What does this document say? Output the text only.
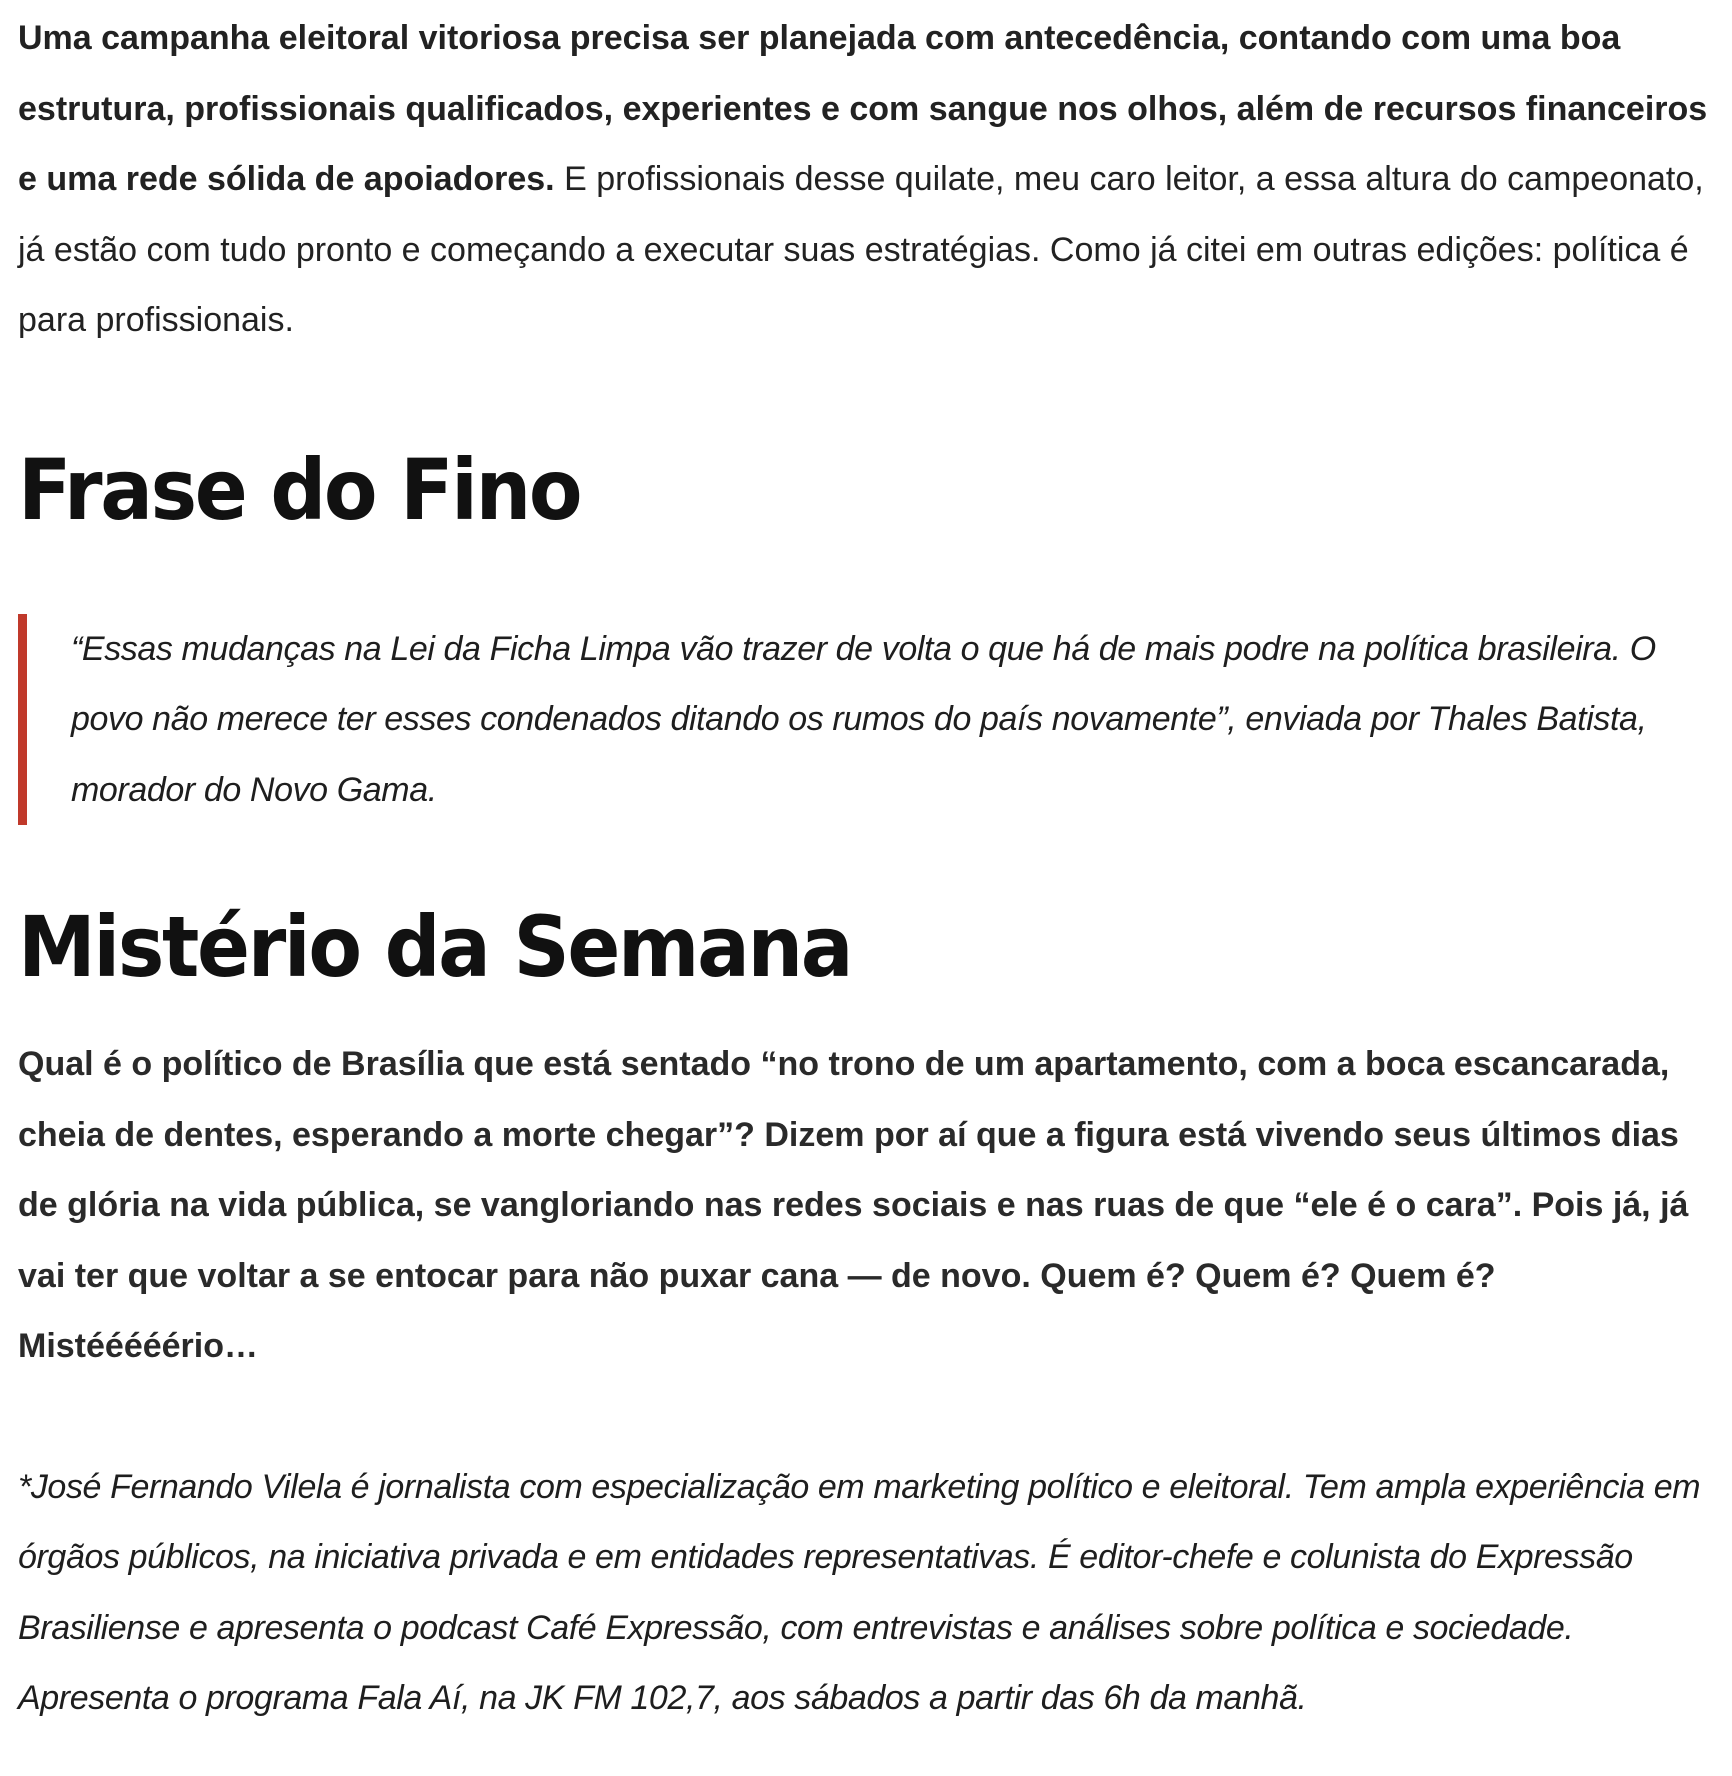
Uma campanha eleitoral vitoriosa precisa ser planejada com antecedência, contando com uma boa estrutura, profissionais qualificados, experientes e com sangue nos olhos, além de recursos financeiros e uma rede sólida de apoiadores. E profissionais desse quilate, meu caro leitor, a essa altura do campeonato, já estão com tudo pronto e começando a executar suas estratégias. Como já citei em outras edições: política é para profissionais.

Frase do Fino

“Essas mudanças na Lei da Ficha Limpa vão trazer de volta o que há de mais podre na política brasileira. O povo não merece ter esses condenados ditando os rumos do país novamente”, enviada por Thales Batista, morador do Novo Gama.

Mistério da Semana

Qual é o político de Brasília que está sentado “no trono de um apartamento, com a boca escancarada, cheia de dentes, esperando a morte chegar”? Dizem por aí que a figura está vivendo seus últimos dias de glória na vida pública, se vangloriando nas redes sociais e nas ruas de que “ele é o cara”. Pois já, já vai ter que voltar a se entocar para não puxar cana — de novo. Quem é? Quem é? Quem é? Mistééééério…

*José Fernando Vilela é jornalista com especialização em marketing político e eleitoral. Tem ampla experiência em órgãos públicos, na iniciativa privada e em entidades representativas. É editor-chefe e colunista do Expressão Brasiliense e apresenta o podcast Café Expressão, com entrevistas e análises sobre política e sociedade. Apresenta o programa Fala Aí, na JK FM 102,7, aos sábados a partir das 6h da manhã.
